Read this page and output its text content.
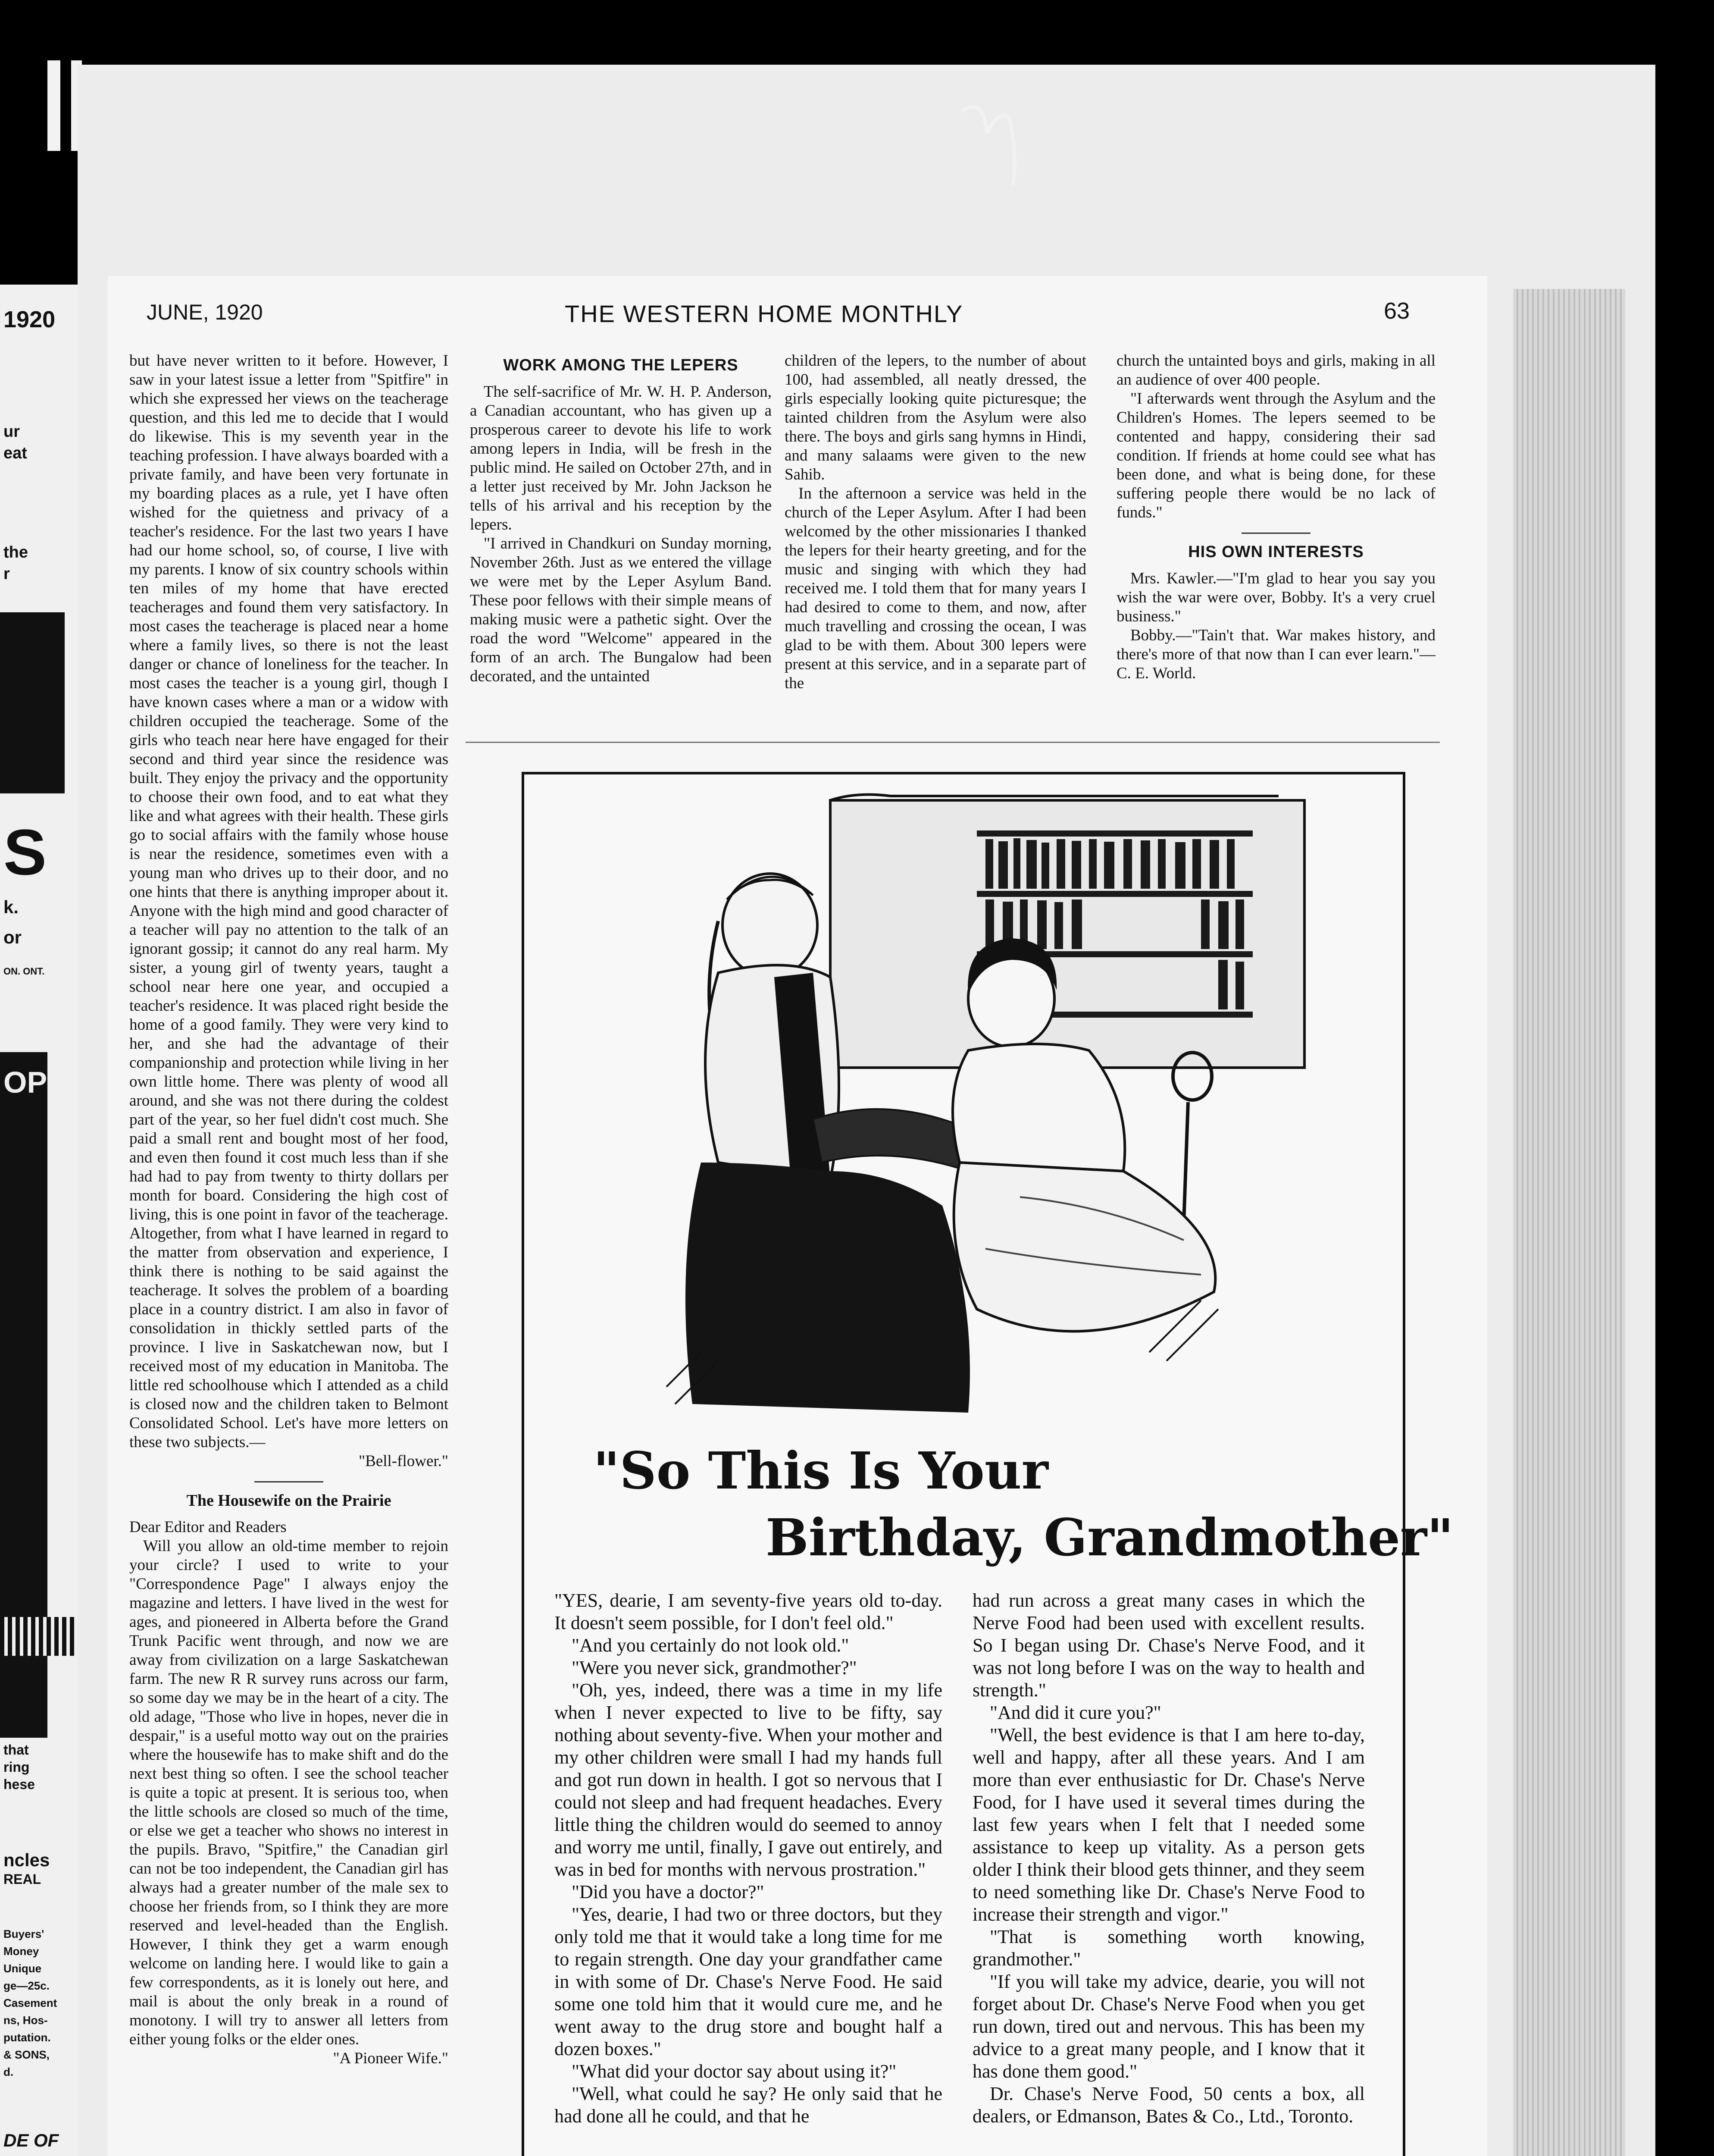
1920
ur
eat
the
r
S
k.
or
ON. ONT.
OP
ia
that
ring
hese
ncles
REAL
Buyers'
Money
Unique
ge—25c.
Casement
ns, Hos-
putation.
& SONS,
d.
DE OF
JUNE, 1920	THE WESTERN HOME MONTHLY	63

but have never written to it before. However, I saw in your latest issue a letter from "Spitfire" in which she expressed her views on the teacherage question, and this led me to decide that I would do likewise. This is my seventh year in the teaching profession. I have always boarded with a private family, and have been very fortunate in my boarding places as a rule, yet I have often wished for the quietness and privacy of a teacher's residence. For the last two years I have had our home school, so, of course, I live with my parents. I know of six country schools within ten miles of my home that have erected teacherages and found them very satisfactory. In most cases the teacherage is placed near a home where a family lives, so there is not the least danger or chance of loneliness for the teacher. In most cases the teacher is a young girl, though I have known cases where a man or a widow with children occupied the teacherage. Some of the girls who teach near here have engaged for their second and third year since the residence was built. They enjoy the privacy and the opportunity to choose their own food, and to eat what they like and what agrees with their health. These girls go to social affairs with the family whose house is near the residence, sometimes even with a young man who drives up to their door, and no one hints that there is anything improper about it. Anyone with the high mind and good character of a teacher will pay no attention to the talk of an ignorant gossip; it cannot do any real harm. My sister, a young girl of twenty years, taught a school near here one year, and occupied a teacher's residence. It was placed right beside the home of a good family. They were very kind to her, and she had the advantage of their companionship and protection while living in her own little home. There was plenty of wood all around, and she was not there during the coldest part of the year, so her fuel didn't cost much. She paid a small rent and bought most of her food, and even then found it cost much less than if she had had to pay from twenty to thirty dollars per month for board. Considering the high cost of living, this is one point in favor of the teacherage. Altogether, from what I have learned in regard to the matter from observation and experience, I think there is nothing to be said against the teacherage. It solves the problem of a boarding place in a country district. I am also in favor of consolidation in thickly settled parts of the province. I live in Saskatchewan now, but I received most of my education in Manitoba. The little red schoolhouse which I attended as a child is closed now and the children taken to Belmont Consolidated School. Let's have more letters on these two subjects.—

"Bell-flower."

The Housewife on the Prairie

Dear Editor and Readers

Will you allow an old-time member to rejoin your circle? I used to write to your "Correspondence Page" I always enjoy the magazine and letters. I have lived in the west for ages, and pioneered in Alberta before the Grand Trunk Pacific went through, and now we are away from civilization on a large Saskatchewan farm. The new R R survey runs across our farm, so some day we may be in the heart of a city. The old adage, "Those who live in hopes, never die in despair," is a useful motto way out on the prairies where the housewife has to make shift and do the next best thing so often. I see the school teacher is quite a topic at present. It is serious too, when the little schools are closed so much of the time, or else we get a teacher who shows no interest in the pupils. Bravo, "Spitfire," the Canadian girl can not be too independent, the Canadian girl has always had a greater number of the male sex to choose her friends from, so I think they are more reserved and level-headed than the English. However, I think they get a warm enough welcome on landing here. I would like to gain a few correspondents, as it is lonely out here, and mail is about the only break in a round of monotony. I will try to answer all letters from either young folks or the elder ones.

"A Pioneer Wife."

WORK AMONG THE LEPERS

The self-sacrifice of Mr. W. H. P. Anderson, a Canadian accountant, who has given up a prosperous career to devote his life to work among lepers in India, will be fresh in the public mind. He sailed on October 27th, and in a letter just received by Mr. John Jackson he tells of his arrival and his reception by the lepers.

"I arrived in Chandkuri on Sunday morning, November 26th. Just as we entered the village we were met by the Leper Asylum Band. These poor fellows with their simple means of making music were a pathetic sight. Over the road the word "Welcome" appeared in the form of an arch. The Bungalow had been decorated, and the untainted

children of the lepers, to the number of about 100, had assembled, all neatly dressed, the girls especially looking quite picturesque; the tainted children from the Asylum were also there. The boys and girls sang hymns in Hindi, and many salaams were given to the new Sahib.

In the afternoon a service was held in the church of the Leper Asylum. After I had been welcomed by the other missionaries I thanked the lepers for their hearty greeting, and for the music and singing with which they had received me. I told them that for many years I had desired to come to them, and now, after much travelling and crossing the ocean, I was glad to be with them. About 300 lepers were present at this service, and in a separate part of the

church the untainted boys and girls, making in all an audience of over 400 people.

"I afterwards went through the Asylum and the Children's Homes. The lepers seemed to be contented and happy, considering their sad condition. If friends at home could see what has been done, and what is being done, for these suffering people there would be no lack of funds."

HIS OWN INTERESTS

Mrs. Kawler.—"I'm glad to hear you say you wish the war were over, Bobby. It's a very cruel business."

Bobby.—"Tain't that. War makes history, and there's more of that now than I can ever learn."—C. E. World.

"So This Is Your
Birthday, Grandmother"

"YES, dearie, I am seventy-five years old to-day. It doesn't seem possible, for I don't feel old."

"And you certainly do not look old."

"Were you never sick, grandmother?"

"Oh, yes, indeed, there was a time in my life when I never expected to live to be fifty, say nothing about seventy-five. When your mother and my other children were small I had my hands full and got run down in health. I got so nervous that I could not sleep and had frequent headaches. Every little thing the children would do seemed to annoy and worry me until, finally, I gave out entirely, and was in bed for months with nervous prostration."

"Did you have a doctor?"

"Yes, dearie, I had two or three doctors, but they only told me that it would take a long time for me to regain strength. One day your grandfather came in with some of Dr. Chase's Nerve Food. He said some one told him that it would cure me, and he went away to the drug store and bought half a dozen boxes."

"What did your doctor say about using it?"

"Well, what could he say? He only said that he had done all he could, and that he

had run across a great many cases in which the Nerve Food had been used with excellent results. So I began using Dr. Chase's Nerve Food, and it was not long before I was on the way to health and strength."

"And did it cure you?"

"Well, the best evidence is that I am here to-day, well and happy, after all these years. And I am more than ever enthusiastic for Dr. Chase's Nerve Food, for I have used it several times during the last few years when I felt that I needed some assistance to keep up vitality. As a person gets older I think their blood gets thinner, and they seem to need something like Dr. Chase's Nerve Food to increase their strength and vigor."

"That is something worth knowing, grandmother."

"If you will take my advice, dearie, you will not forget about Dr. Chase's Nerve Food when you get run down, tired out and nervous. This has been my advice to a great many people, and I know that it has done them good."

Dr. Chase's Nerve Food, 50 cents a box, all dealers, or Edmanson, Bates & Co., Ltd., Toronto.
